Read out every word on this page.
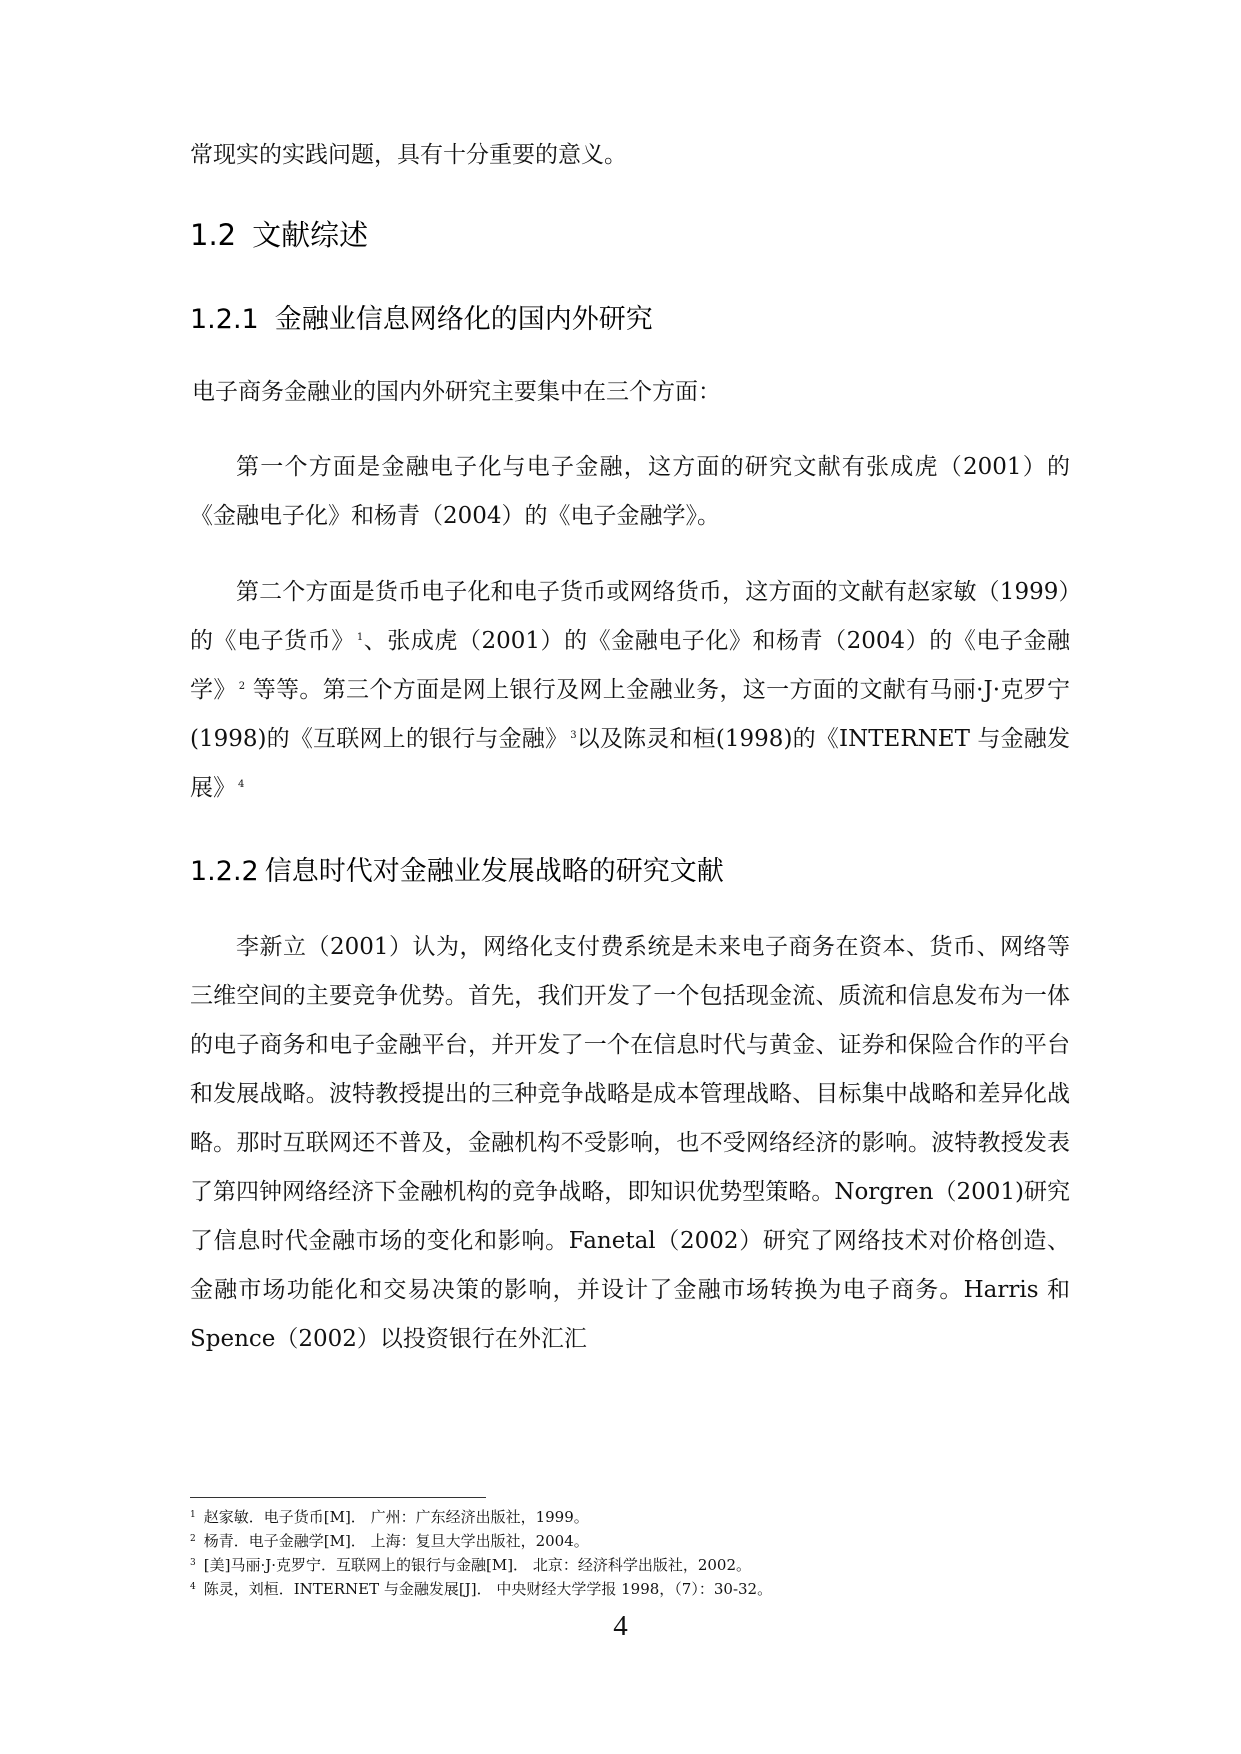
常现实的实践问题，具有十分重要的意义。

1.2 文献综述
1.2.1 金融业信息网络化的国内外研究

电子商务金融业的国内外研究主要集中在三个方面：

第一个方面是金融电子化与电子金融，这方面的研究文献有张成虎（2001）的《金融电子化》和杨青（2004）的《电子金融学》。

第二个方面是货币电子化和电子货币或网络货币，这方面的文献有赵家敏（1999）的《电子货币》 $^1$、张成虎（2001）的《金融电子化》和杨青（2004）的《电子金融学》 $^2$ 等等。第三个方面是网上银行及网上金融业务，这一方面的文献有马丽·J·克罗宁(1998)的《互联网上的银行与金融》 $^3$以及陈灵和桓(1998)的《INTERNET 与金融发展》 $^4$

1.2.2 信息时代对金融业发展战略的研究文献

李新立（2001）认为，网络化支付费系统是未来电子商务在资本、货币、网络等三维空间的主要竞争优势。首先，我们开发了一个包括现金流、质流和信息发布为一体的电子商务和电子金融平台，并开发了一个在信息时代与黄金、证券和保险合作的平台和发展战略。波特教授提出的三种竞争战略是成本管理战略、目标集中战略和差异化战略。那时互联网还不普及，金融机构不受影响，也不受网络经济的影响。波特教授发表了第四钟网络经济下金融机构的竞争战略，即知识优势型策略。Norgren（2001)研究了信息时代金融市场的变化和影响。Fanetal（2002）研究了网络技术对价格创造、金融市场功能化和交易决策的影响，并设计了金融市场转换为电子商务。Harris 和 Spence（2002）以投资银行在外汇汇

$^1$ 赵家敏．电子货币[M]． 广州：广东经济出版社，1999。
$^2$ 杨青．电子金融学[M]． 上海：复旦大学出版社，2004。
$^3$ [美]马丽·J·克罗宁．互联网上的银行与金融[M]． 北京：经济科学出版社，2002。
$^4$ 陈灵，刘桓．INTERNET 与金融发展[J]． 中央财经大学学报 1998，（7）：30-32。
4
